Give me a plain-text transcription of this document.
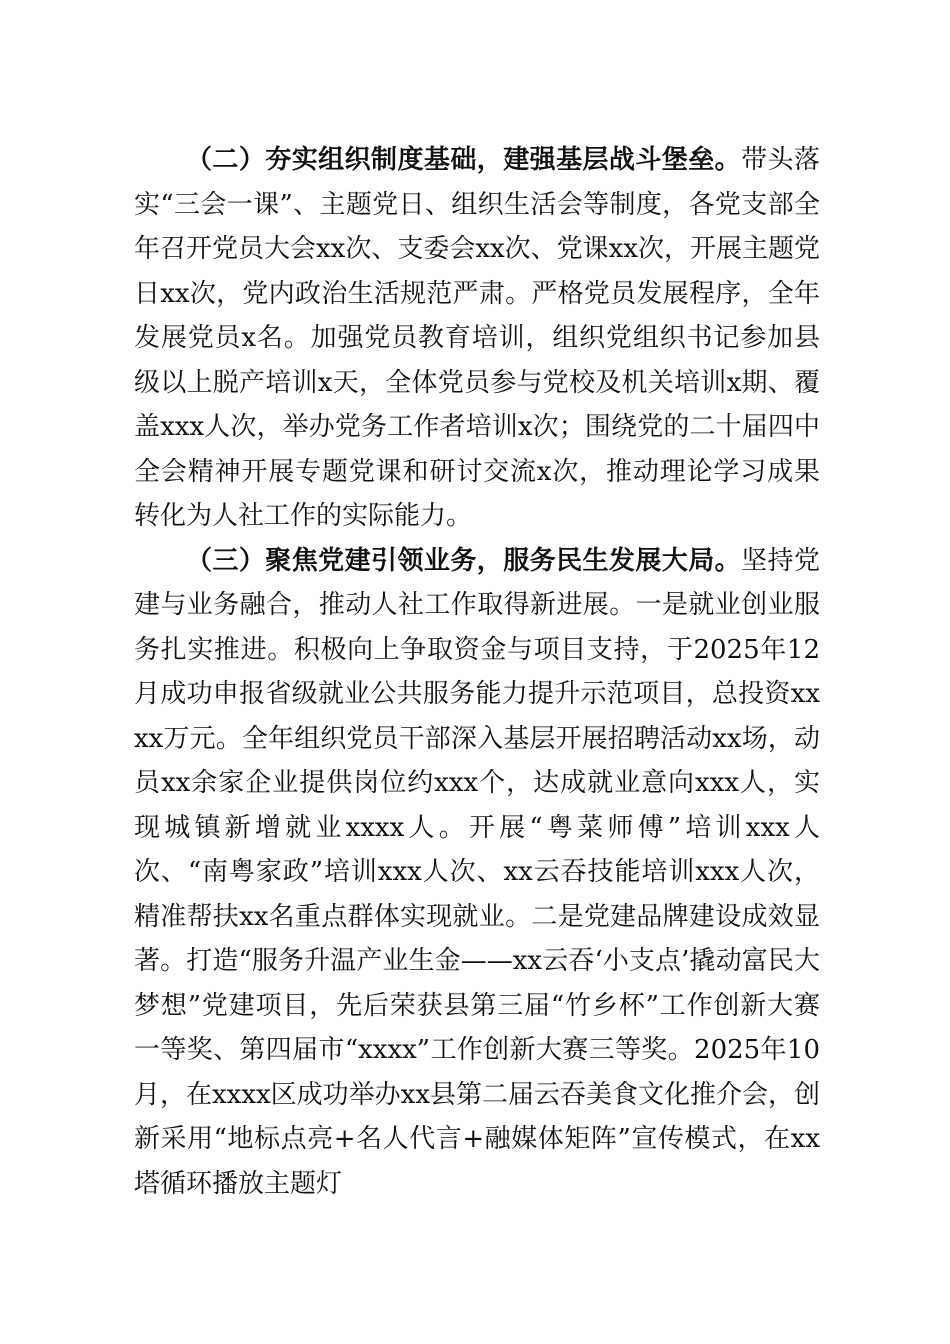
（二）夯实组织制度基础，建强基层战斗堡垒。带头落实“三会一课”、主题党日、组织生活会等制度，各党支部全年召开党员大会xx次、支委会xx次、党课xx次，开展主题党日xx次，党内政治生活规范严肃。严格党员发展程序，全年发展党员x名。加强党员教育培训，组织党组织书记参加县级以上脱产培训x天，全体党员参与党校及机关培训x期、覆盖xxx人次，举办党务工作者培训x次；围绕党的二十届四中全会精神开展专题党课和研讨交流x次，推动理论学习成果转化为人社工作的实际能力。

（三）聚焦党建引领业务，服务民生发展大局。坚持党建与业务融合，推动人社工作取得新进展。一是就业创业服务扎实推进。积极向上争取资金与项目支持，于2025年12月成功申报省级就业公共服务能力提升示范项目，总投资xxxx万元。全年组织党员干部深入基层开展招聘活动xx场，动员xx余家企业提供岗位约xxx个，达成就业意向xxx人，实现城镇新增就业xxxx人。开展“粤菜师傅”培训xxx人次、“南粤家政”培训xxx人次、xx云吞技能培训xxx人次，精准帮扶xx名重点群体实现就业。二是党建品牌建设成效显著。打造“服务升温产业生金——xx云吞‘小支点’撬动富民大梦想”党建项目，先后荣获县第三届“竹乡杯”工作创新大赛一等奖、第四届市“xxxx”工作创新大赛三等奖。2025年10月，在xxxx区成功举办xx县第二届云吞美食文化推介会，创新采用“地标点亮+名人代言+融媒体矩阵”宣传模式，在xx塔循环播放主题灯
